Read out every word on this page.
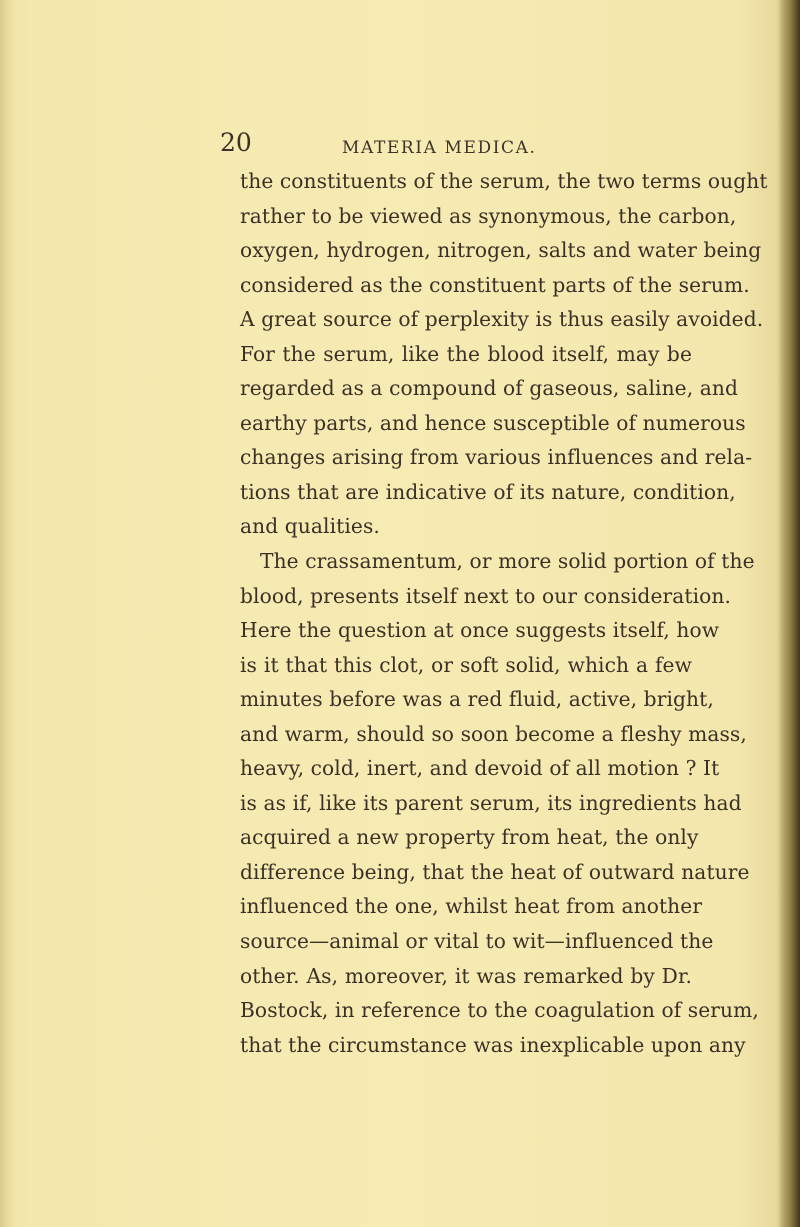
20	MATERIA MEDICA.
the constituents of the serum, the two terms ought
rather to be viewed as synonymous, the carbon,
oxygen, hydrogen, nitrogen, salts and water being
considered as the constituent parts of the serum.
A great source of perplexity is thus easily avoided.
For the serum, like the blood itself, may be
regarded as a compound of gaseous, saline, and
earthy parts, and hence susceptible of numerous
changes arising from various influences and rela-
tions that are indicative of its nature, condition,
and qualities.
The crassamentum, or more solid portion of the
blood, presents itself next to our consideration.
Here the question at once suggests itself, how
is it that this clot, or soft solid, which a few
minutes before was a red fluid, active, bright,
and warm, should so soon become a fleshy mass,
heavy, cold, inert, and devoid of all motion ? It
is as if, like its parent serum, its ingredients had
acquired a new property from heat, the only
difference being, that the heat of outward nature
influenced the one, whilst heat from another
source—animal or vital to wit—influenced the
other. As, moreover, it was remarked by Dr.
Bostock, in reference to the coagulation of serum,
that the circumstance was inexplicable upon any
